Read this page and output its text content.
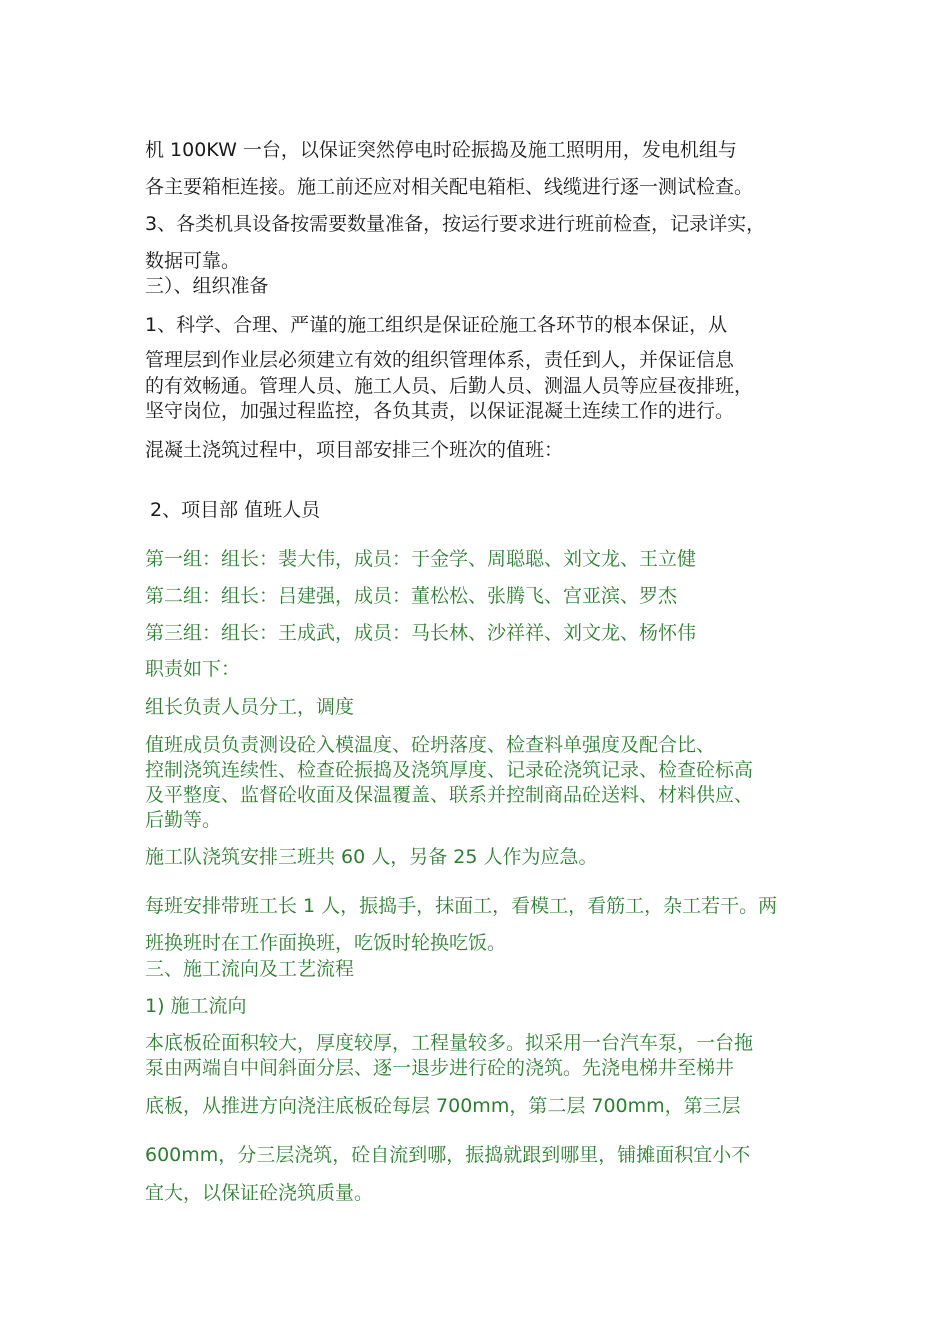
机 100KW 一台，以保证突然停电时砼振捣及施工照明用，发电机组与
各主要箱柜连接。施工前还应对相关配电箱柜、线缆进行逐一测试检查。
3、各类机具设备按需要数量准备，按运行要求进行班前检查，记录详实，
数据可靠。
三）、组织准备
1、科学、合理、严谨的施工组织是保证砼施工各环节的根本保证，从
管理层到作业层必须建立有效的组织管理体系，责任到人，并保证信息
的有效畅通。管理人员、施工人员、后勤人员、测温人员等应昼夜排班，
坚守岗位，加强过程监控，各负其责，以保证混凝土连续工作的进行。
混凝土浇筑过程中，项目部安排三个班次的值班：
2、项目部 值班人员
第一组：组长：裴大伟，成员：于金学、周聪聪、刘文龙、王立健
第二组：组长：吕建强，成员：董松松、张腾飞、宫亚滨、罗杰
第三组：组长：王成武，成员：马长林、沙祥祥、刘文龙、杨怀伟
职责如下：
组长负责人员分工，调度
值班成员负责测设砼入模温度、砼坍落度、检查料单强度及配合比、
控制浇筑连续性、检查砼振捣及浇筑厚度、记录砼浇筑记录、检查砼标高
及平整度、监督砼收面及保温覆盖、联系并控制商品砼送料、材料供应、
后勤等。
施工队浇筑安排三班共 60 人，另备 25 人作为应急。
每班安排带班工长 1 人，振捣手，抹面工，看模工，看筋工，杂工若干。两
班换班时在工作面换班，吃饭时轮换吃饭。
三、施工流向及工艺流程
1) 施工流向
本底板砼面积较大，厚度较厚，工程量较多。拟采用一台汽车泵，一台拖
泵由两端自中间斜面分层、逐一退步进行砼的浇筑。先浇电梯井至梯井
底板，从推进方向浇注底板砼每层 700mm，第二层 700mm，第三层
600mm，分三层浇筑，砼自流到哪，振捣就跟到哪里，铺摊面积宜小不
宜大，以保证砼浇筑质量。
